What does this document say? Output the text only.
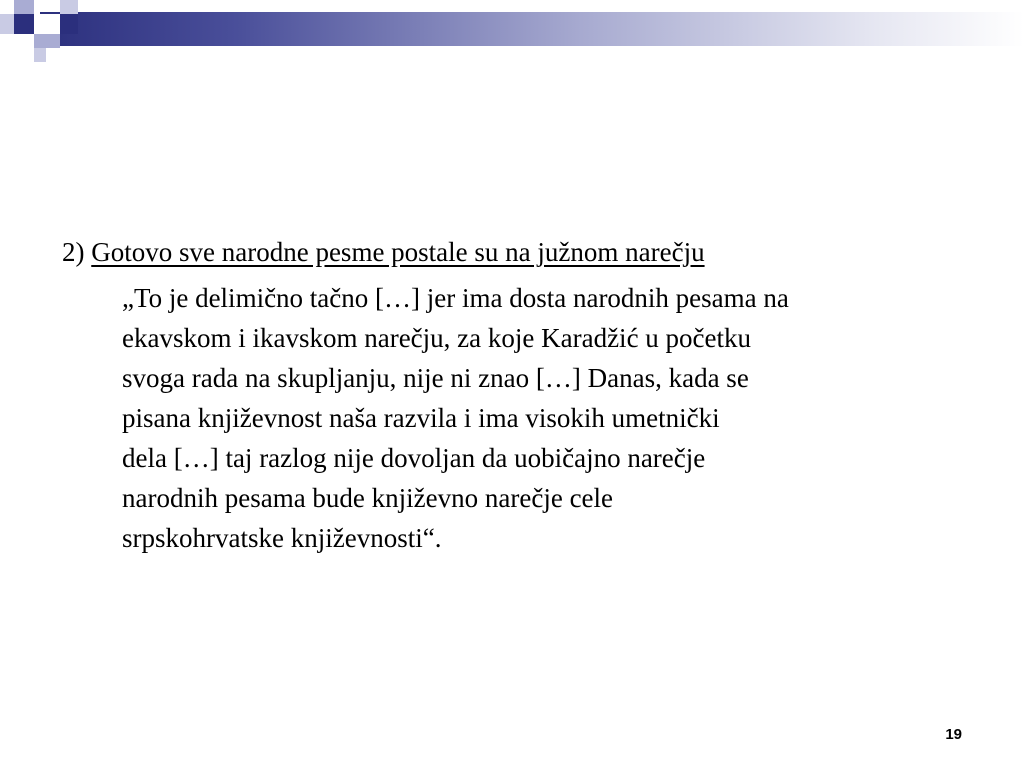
2) Gotovo sve narodne pesme postale su na južnom narečju

„To je delimično tačno […] jer ima dosta narodnih pesama na
ekavskom i ikavskom narečju, za koje Karadžić u početku
svoga rada na skupljanju, nije ni znao […] Danas, kada se
pisana književnost naša razvila i ima visokih umetnički
dela […] taj razlog nije dovoljan da uobičajno narečje
narodnih pesama bude književno narečje cele
srpskohrvatske književnosti“.

19
